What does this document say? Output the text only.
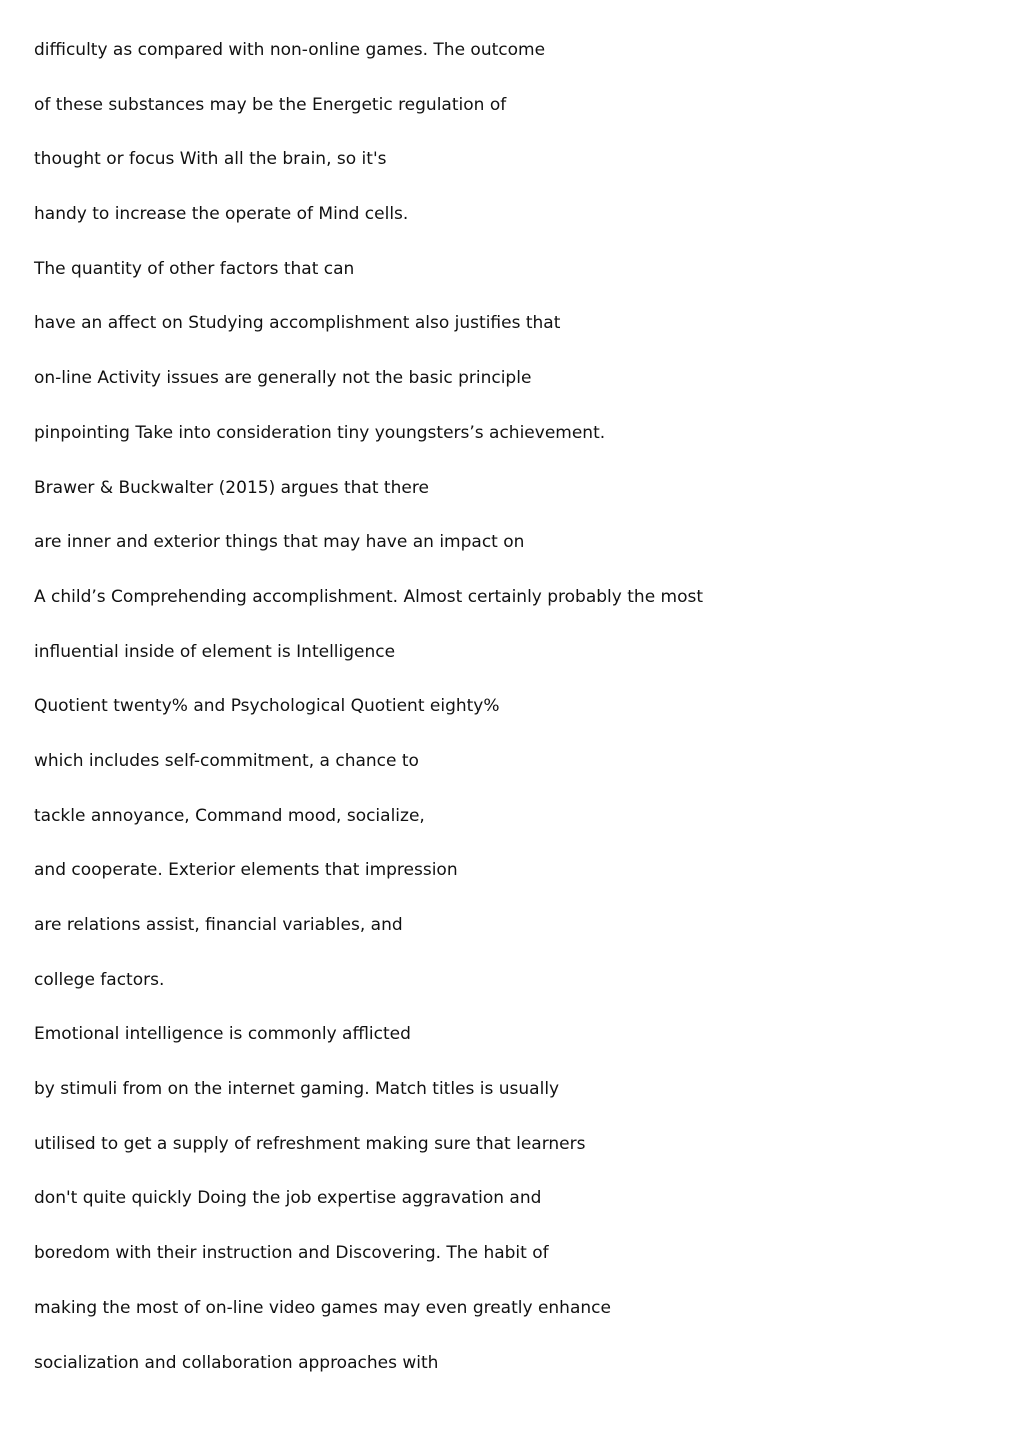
difficulty as compared with non-online games. The outcome

of these substances may be the Energetic regulation of

thought or focus With all the brain, so it's

handy to increase the operate of Mind cells.

The quantity of other factors that can

have an affect on Studying accomplishment also justifies that

on-line Activity issues are generally not the basic principle

pinpointing Take into consideration tiny youngsters’s achievement.

Brawer & Buckwalter (2015) argues that there

are inner and exterior things that may have an impact on

A child’s Comprehending accomplishment. Almost certainly probably the most

influential inside of element is Intelligence

Quotient twenty% and Psychological Quotient eighty%

which includes self-commitment, a chance to

tackle annoyance, Command mood, socialize,

and cooperate. Exterior elements that impression

are relations assist, financial variables, and

college factors.

Emotional intelligence is commonly afflicted

by stimuli from on the internet gaming. Match titles is usually

utilised to get a supply of refreshment making sure that learners

don't quite quickly Doing the job expertise aggravation and

boredom with their instruction and Discovering. The habit of

making the most of on-line video games may even greatly enhance

socialization and collaboration approaches with
